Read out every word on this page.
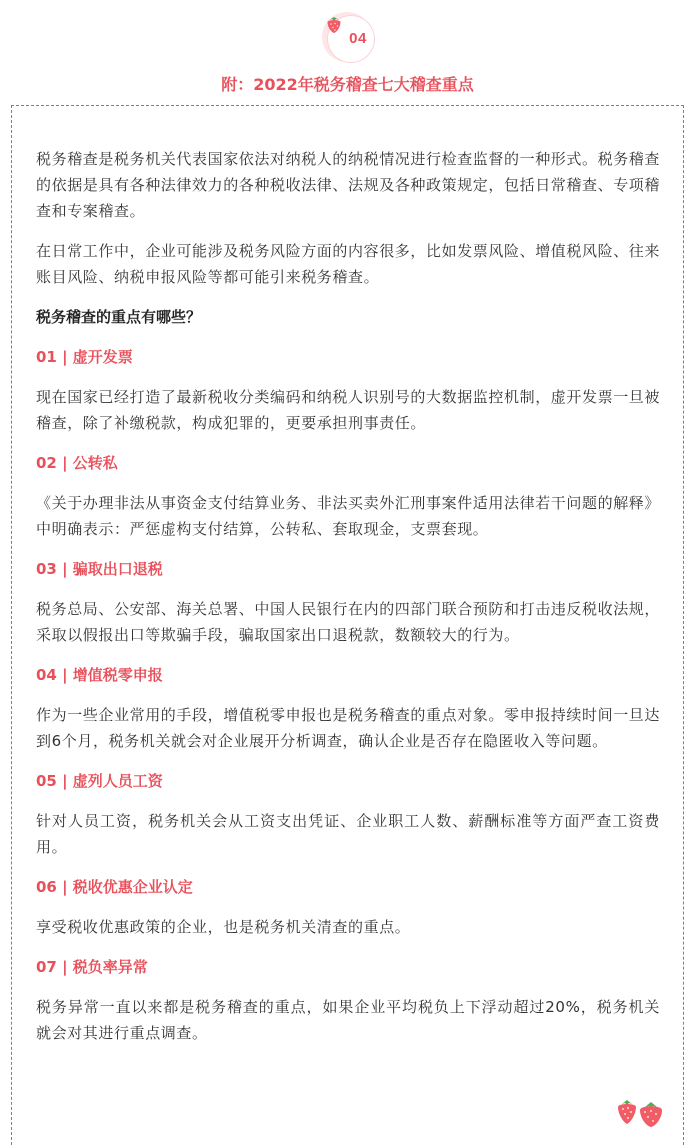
04
附：2022年税务稽查七大稽查重点

税务稽查是税务机关代表国家依法对纳税人的纳税情况进行检查监督的一种形式。税务稽查的依据是具有各种法律效力的各种税收法律、法规及各种政策规定，包括日常稽查、专项稽查和专案稽查。

在日常工作中，企业可能涉及税务风险方面的内容很多，比如发票风险、增值税风险、往来账目风险、纳税申报风险等都可能引来税务稽查。

税务稽查的重点有哪些？

01 | 虚开发票

现在国家已经打造了最新税收分类编码和纳税人识别号的大数据监控机制，虚开发票一旦被稽查，除了补缴税款，构成犯罪的，更要承担刑事责任。

02 | 公转私

《关于办理非法从事资金支付结算业务、非法买卖外汇刑事案件适用法律若干问题的解释》中明确表示：严惩虚构支付结算，公转私、套取现金，支票套现。

03 | 骗取出口退税

税务总局、公安部、海关总署、中国人民银行在内的四部门联合预防和打击违反税收法规，采取以假报出口等欺骗手段，骗取国家出口退税款，数额较大的行为。

04 | 增值税零申报

作为一些企业常用的手段，增值税零申报也是税务稽查的重点对象。零申报持续时间一旦达到6个月，税务机关就会对企业展开分析调查，确认企业是否存在隐匿收入等问题。

05 | 虚列人员工资

针对人员工资，税务机关会从工资支出凭证、企业职工人数、薪酬标准等方面严查工资费用。

06 | 税收优惠企业认定

享受税收优惠政策的企业，也是税务机关清查的重点。

07 | 税负率异常

税务异常一直以来都是税务稽查的重点，如果企业平均税负上下浮动超过20%，税务机关就会对其进行重点调查。
